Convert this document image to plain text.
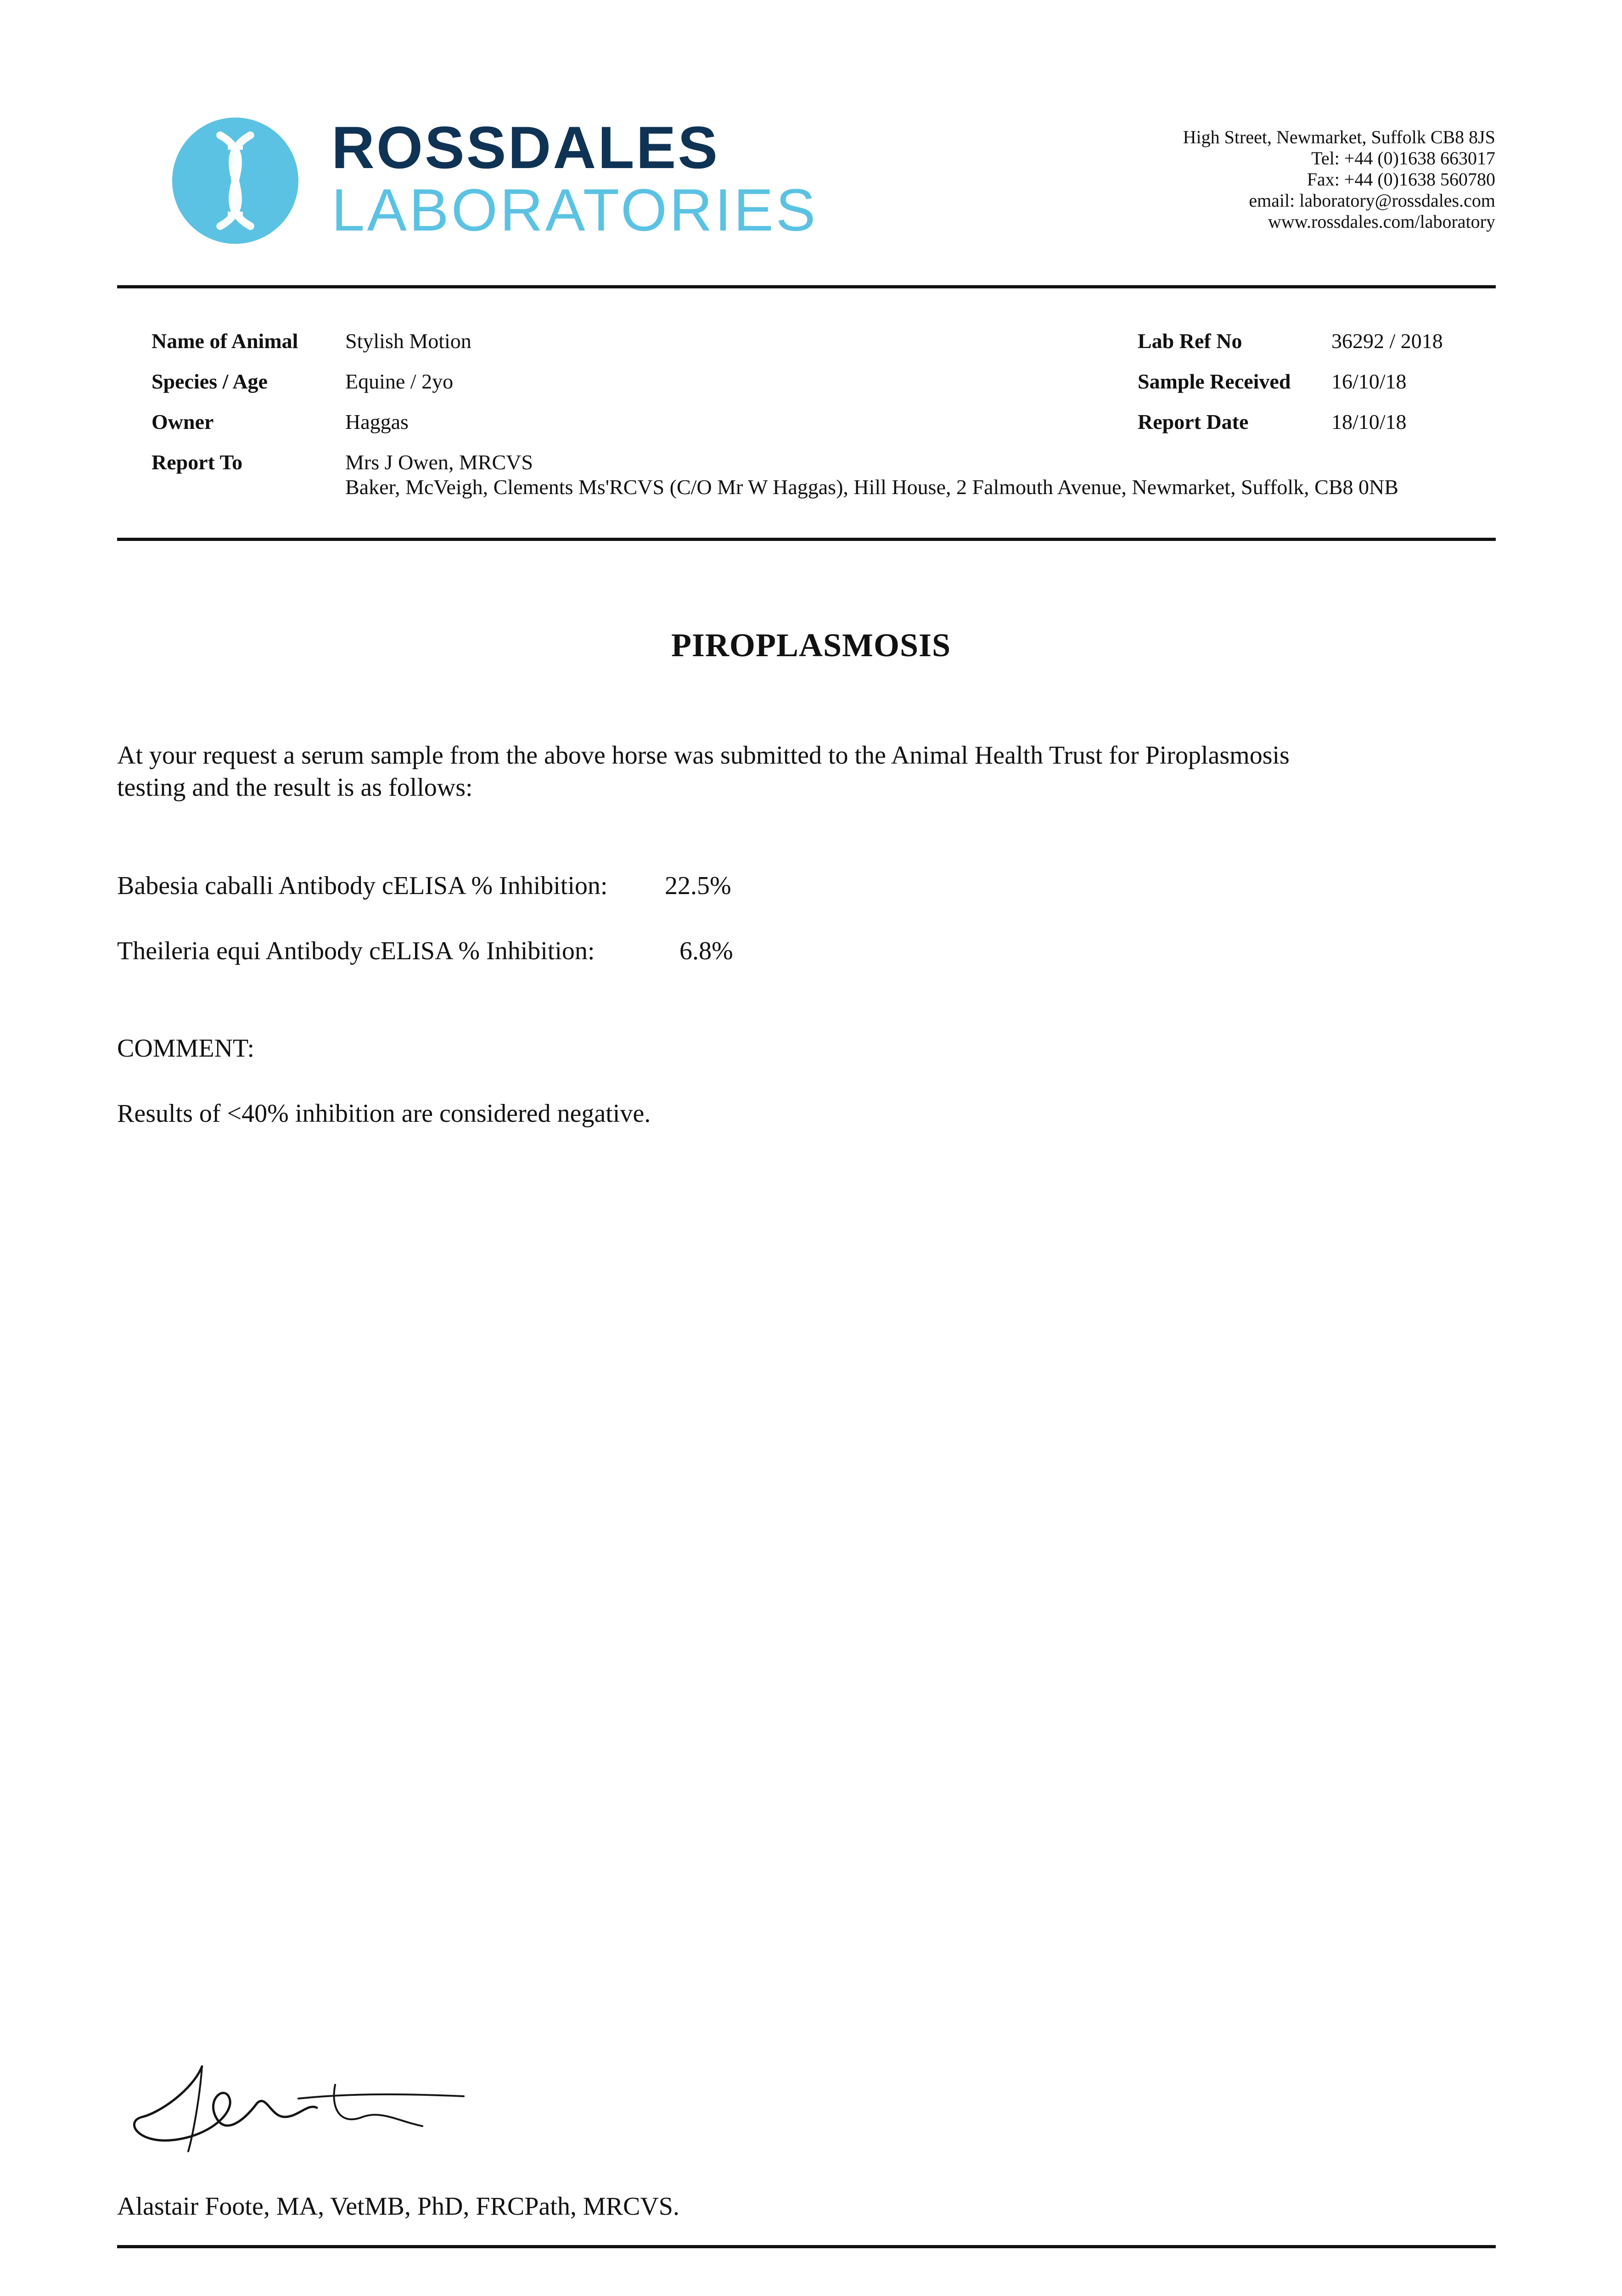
ROSSDALES
LABORATORIES
High Street, Newmarket, Suffolk CB8 8JS
Tel: +44 (0)1638 663017
Fax: +44 (0)1638 560780
email: laboratory@rossdales.com
www.rossdales.com/laboratory
Name of Animal Stylish Motion
Species / Age	Equine / 2yo
Owner	Haggas
Report To	Mrs J Owen, MRCVS
Baker, McVeigh, Clements Ms'RCVS (C/O Mr W Haggas), Hill House, 2 Falmouth Avenue, Newmarket, Suffolk, CB8 0NB
Lab Ref No	36292 / 2018
Sample Received 16/10/18
Report Date	18/10/18
PIROPLASMOSIS
At your request a serum sample from the above horse was submitted to the Animal Health Trust for Piroplasmosis
testing and the result is as follows:
Babesia caballi Antibody cELISA % Inhibition: 22.5%
Theileria equi Antibody cELISA % Inhibition:	6.8%
COMMENT:
Results of <40% inhibition are considered negative.
Alastair Foote, MA, VetMB, PhD, FRCPath, MRCVS.
